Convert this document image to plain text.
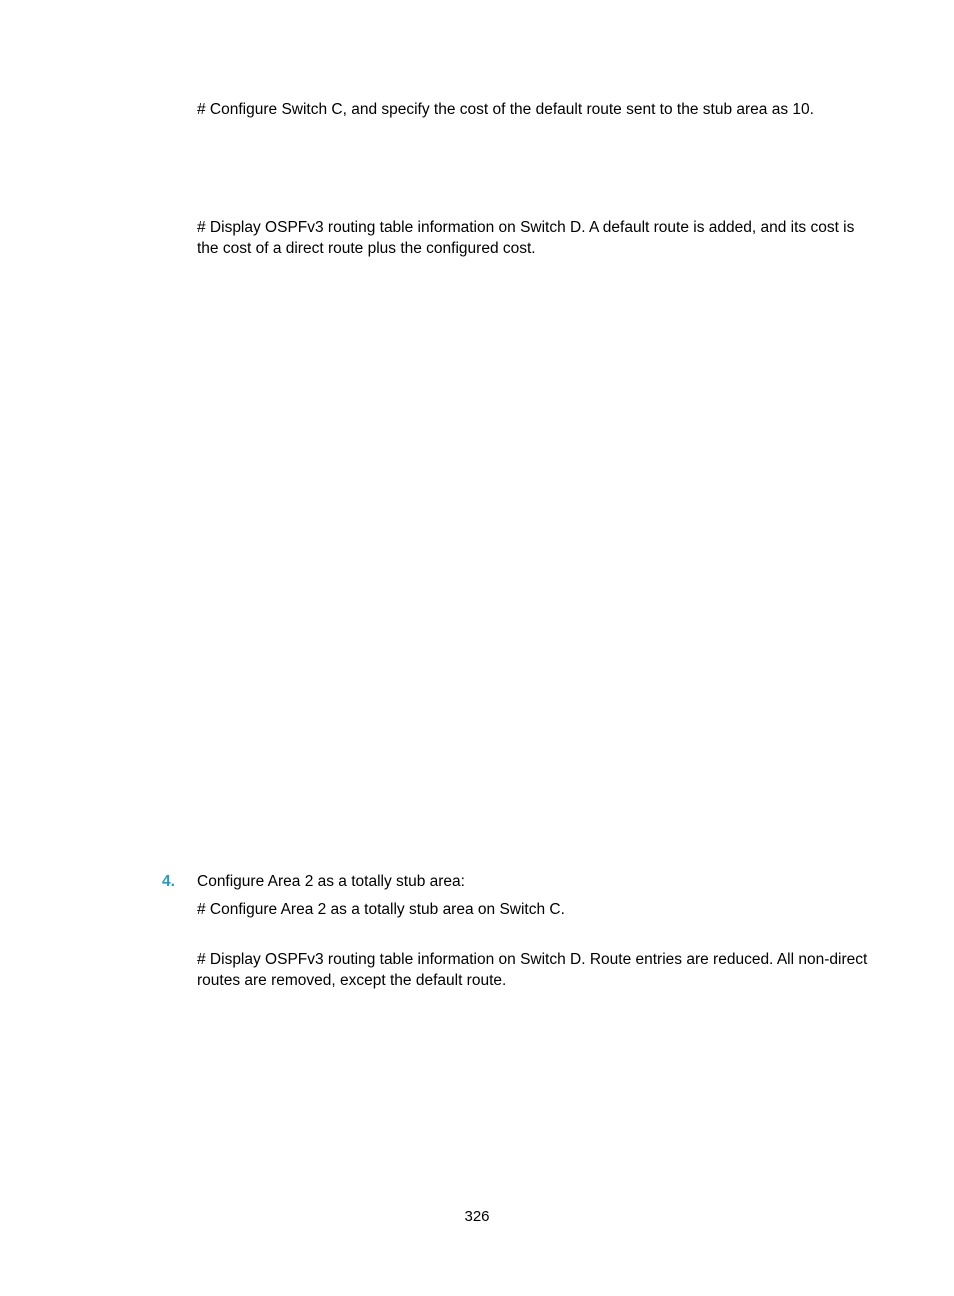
# Configure Switch C, and specify the cost of the default route sent to the stub area as 10.

# Display OSPFv3 routing table information on Switch D. A default route is added, and its cost is the cost of a direct route plus the configured cost.

4. Configure Area 2 as a totally stub area:

# Configure Area 2 as a totally stub area on Switch C.

# Display OSPFv3 routing table information on Switch D. Route entries are reduced. All non-direct routes are removed, except the default route.

326
